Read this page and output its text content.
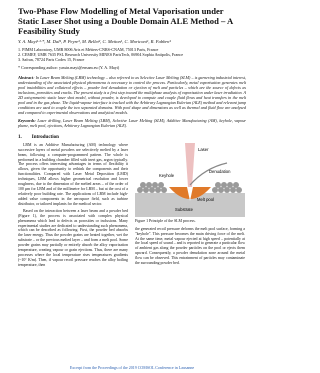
Two-Phase Flow Modelling of Metal Vaporisation under Static Laser Shot using a Double Domain ALE Method – A Feasibility Study
Y. A. Mayi¹·²·*, M. Dal³, P. Peyre³, M. Bellet², C. Metton¹, C. Moriconi¹, R. Fabbro³
1. PIMM Laboratory, UMR 8006 Arts et Métiers-CNRS-CNAM, 75013 Paris, France
2. CEMEF, UMR 7635 PSL Research University MINES ParisTech, 06904 Sophia Antipolis, France
3. Safran, 78724 Paris Codex 15, France
* Corresponding author: yassin.mayi@ensam.eu (Y. A. Mayi)
Abstract: In Laser Beam Melting (LBM) technology – also referred to as Selective Laser Melting (SLM) – is garnering industrial interest, understanding of the associated physical phenomena is necessary to control the process. Particularly, metal vaporisation generates melt pool instabilities and collateral effects – powder bed denudation or ejection of melt and particles – which are the source of defects as inclusions, porosities and cracks. The present study is a first step toward the multiphase analysis of vaporisation under laser irradiation. A 2D axisymmetric static laser shot model, without powder, is developed to compute and couple fluid flows and heat transfers in the melt pool and in the gas phase. The liquid-vapour interface is tracked with the Arbitrary Lagrangian Eulerian (ALE) method and relevant jump conditions are used to couple the two separated domains. With pool shape and dimensions as well as thermal and fluid flow are analysed and compared to experimental observations and analytical models.
Keywords: Laser drilling, Laser Beam Melting (LBM), Selective Laser Melting (SLM), Additive Manufacturing (AM), keyhole, vapour plume, melt pool, ejections, Arbitrary Lagrangian Eulerian (ALE).
1. Introduction

LBM is an Additive Manufacturing (AM) technology where successive layers of metal powders are selectively melted by a laser beam, following a computer-programmed pattern. The whole is performed in a building chamber filled with inert gas, argon typically. The process offers interesting advantages in terms of flexibility it allows, given the opportunity to rethink the components and their functionalities. Compared with Laser Metal Deposition (LMD) techniques, LBM allows higher geometrical resolution and lower roughness, due to the dimension of the melted areas – of the order of 100 µm for LBM and of the millimetre for LBM – but at the cost of a relatively poor building rate. The applications of LBM include high-added value components in the aerospace field, such as turbine distributor, or tailored implants for the medical sector.

Based on the interaction between a laser beam and a powder bed (Figure 1), the process is associated with complex physical phenomena which lead to defects as porosities or inclusions. Many experimental studies are dedicated to understanding such phenomena, which can be described as following. First, the powder bed absorbs the laser energy. Thus the powder grains are heated together, wet the substrate – or the previous melted layer – and form a melt pool. Some powder grains may partially or entirely absorb the alloy vaporisation temperature, creating vapour or grain ejections. Thus, there are many processes where the local temperature rises temperatures gradients (~10⁷ K/m). Then, if vapour recoil pressure reaches the alloy boiling temperature, then

Laser
Denudation
Keyhole
Melt pool
Substrate
Figure 1 Principle of the SLM process.

the generated recoil pressure deforms the melt pool surface, forming a "keyhole". This pressure becomes the main driving force of the melt. At the same time, metal vapour ejected at high speed – potentially at the local speed of sound – and is reported to generate a particular flow of ambient gas along the powder particles on the pool or ejects them upward. Consequently, a powder denudation zone around the metal flow can be observed. This entrainment of particles may contaminate the surrounding powder bed.

Excerpt from the Proceedings of the 2019 COMSOL Conference in Lausanne
